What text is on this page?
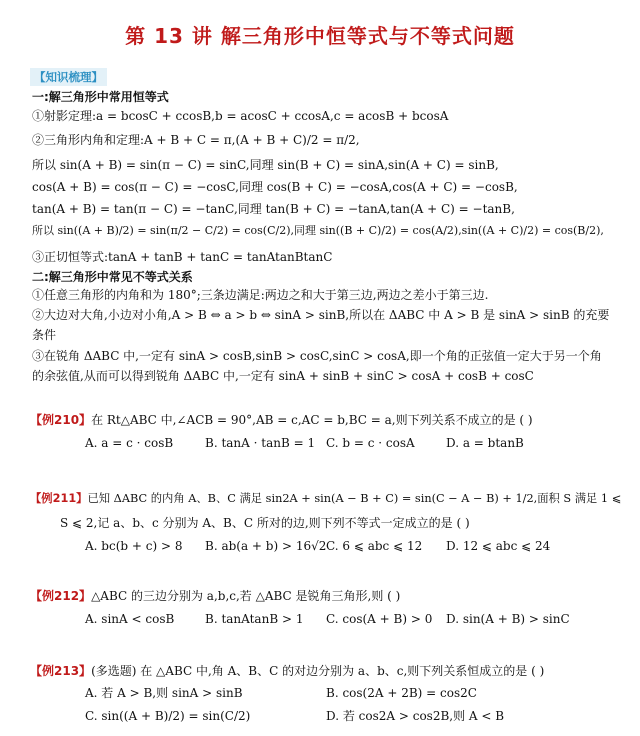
第 13 讲 解三角形中恒等式与不等式问题
【知识梳理】
一:解三角形中常用恒等式
①射影定理:a = bcosC + ccosB,b = acosC + ccosA,c = acosB + bcosA
②三角形内角和定理:A + B + C = π,(A + B + C)/2 = π/2,
所以 sin(A + B) = sin(π − C) = sinC,同理 sin(B + C) = sinA,sin(A + C) = sinB,
cos(A + B) = cos(π − C) = −cosC,同理 cos(B + C) = −cosA,cos(A + C) = −cosB,
tan(A + B) = tan(π − C) = −tanC,同理 tan(B + C) = −tanA,tan(A + C) = −tanB,
所以 sin((A + B)/2) = sin(π/2 − C/2) = cos(C/2),同理 sin((B + C)/2) = cos(A/2),sin((A + C)/2) = cos(B/2),
③正切恒等式:tanA + tanB + tanC = tanAtanBtanC
二:解三角形中常见不等式关系
①任意三角形的内角和为 180°;三条边满足:两边之和大于第三边,两边之差小于第三边.
②大边对大角,小边对小角,A > B ⇔ a > b ⇔ sinA > sinB,所以在 ΔABC 中 A > B 是 sinA > sinB 的充要
条件
③在锐角 ΔABC 中,一定有 sinA > cosB,sinB > cosC,sinC > cosA,即一个角的正弦值一定大于另一个角
的余弦值,从而可以得到锐角 ΔABC 中,一定有 sinA + sinB + sinC > cosA + cosB + cosC
【例210】在 Rt△ABC 中,∠ACB = 90°,AB = c,AC = b,BC = a,则下列关系不成立的是 ( )
A. a = c · cosB	B. tanA · tanB = 1 C. b = c · cosA	D. a = btanB
【例211】已知 ΔABC 的内角 A、B、C 满足 sin2A + sin(A − B + C) = sin(C − A − B) + 1/2,面积 S 满足 1 ⩽
S ⩽ 2,记 a、b、c 分别为 A、B、C 所对的边,则下列不等式一定成立的是 ( )
A. bc(b + c) > 8 B. ab(a + b) > 16√2 C. 6 ⩽ abc ⩽ 12 D. 12 ⩽ abc ⩽ 24
【例212】△ABC 的三边分别为 a,b,c,若 △ABC 是锐角三角形,则 ( )
A. sinA < cosB	B. tanAtanB > 1 C. cos(A + B) > 0 D. sin(A + B) > sinC
【例213】(多选题) 在 △ABC 中,角 A、B、C 的对边分别为 a、b、c,则下列关系恒成立的是 ( )
A. 若 A > B,则 sinA > sinB	B. cos(2A + 2B) = cos2C
C. sin((A + B)/2) = sin(C/2)	D. 若 cos2A > cos2B,则 A < B
